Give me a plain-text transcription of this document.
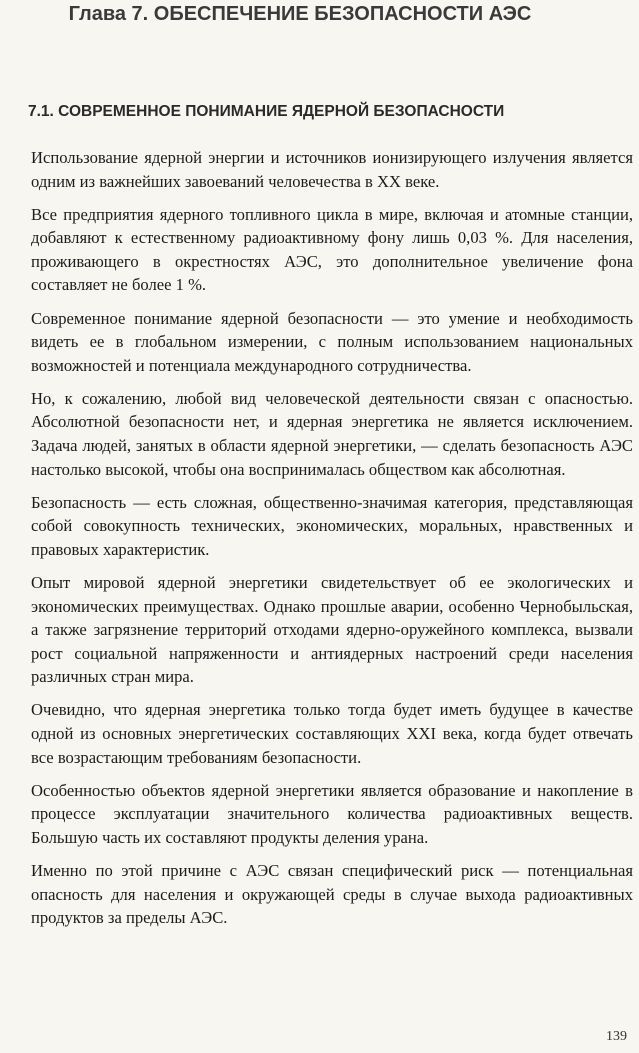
Глава 7. ОБЕСПЕЧЕНИЕ БЕЗОПАСНОСТИ АЭС
7.1. СОВРЕМЕННОЕ ПОНИМАНИЕ ЯДЕРНОЙ БЕЗОПАСНОСТИ

Использование ядерной энергии и источников ионизирующего излучения является одним из важнейших завоеваний человечества в XX веке.

Все предприятия ядерного топливного цикла в мире, включая и атомные станции, добавляют к естественному радиоактивному фону лишь 0,03 %. Для населения, проживающего в окрестностях АЭС, это дополнительное увеличение фона составляет не более 1 %.

Современное понимание ядерной безопасности — это умение и необходимость видеть ее в глобальном измерении, с полным использованием национальных возможностей и потенциала международного сотрудничества.

Но, к сожалению, любой вид человеческой деятельности связан с опасностью. Абсолютной безопасности нет, и ядерная энергетика не является исключением. Задача людей, занятых в области ядерной энергетики, — сделать безопасность АЭС настолько высокой, чтобы она воспринималась обществом как абсолютная.

Безопасность — есть сложная, общественно-значимая категория, представляющая собой совокупность технических, экономических, моральных, нравственных и правовых характеристик.

Опыт мировой ядерной энергетики свидетельствует об ее экологических и экономических преимуществах. Однако прошлые аварии, особенно Чернобыльская, а также загрязнение территорий отходами ядерно-оружейного комплекса, вызвали рост социальной напряженности и антиядерных настроений среди населения различных стран мира.

Очевидно, что ядерная энергетика только тогда будет иметь будущее в качестве одной из основных энергетических составляющих XXI века, когда будет отвечать все возрастающим требованиям безопасности.

Особенностью объектов ядерной энергетики является образование и накопление в процессе эксплуатации значительного количества радиоактивных веществ. Большую часть их составляют продукты деления урана.

Именно по этой причине с АЭС связан специфический риск — потенциальная опасность для населения и окружающей среды в случае выхода радиоактивных продуктов за пределы АЭС.

139
